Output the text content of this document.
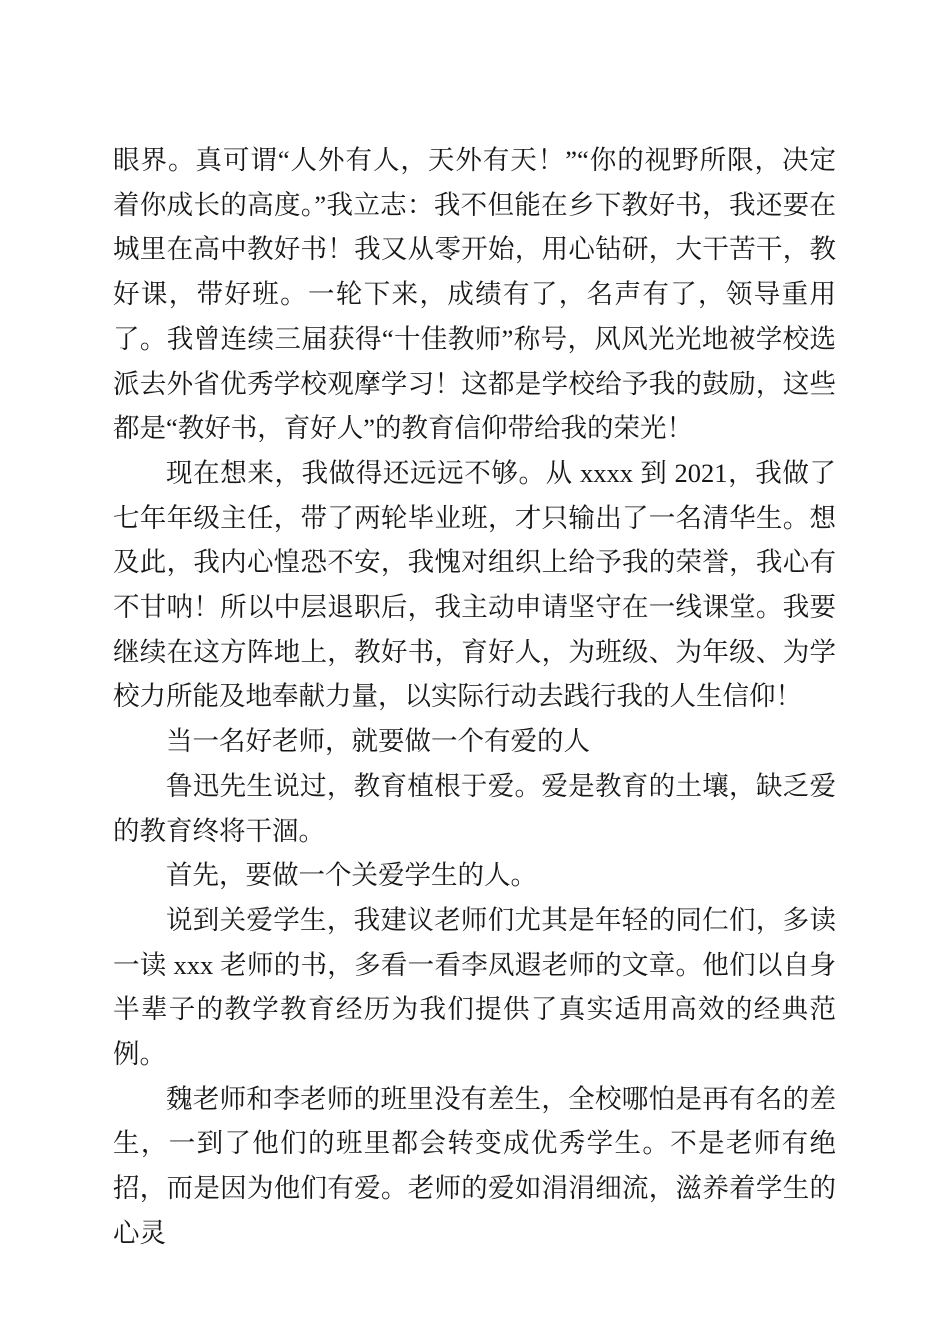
眼界。真可谓“人外有人，天外有天！”“你的视野所限，决定着你成长的高度。”我立志：我不但能在乡下教好书，我还要在城里在高中教好书！我又从零开始，用心钻研，大干苦干，教好课，带好班。一轮下来，成绩有了，名声有了，领导重用了。我曾连续三届获得“十佳教师”称号，风风光光地被学校选派去外省优秀学校观摩学习！这都是学校给予我的鼓励，这些都是“教好书，育好人”的教育信仰带给我的荣光！

现在想来，我做得还远远不够。从 xxxx 到 2021，我做了七年年级主任，带了两轮毕业班，才只输出了一名清华生。想及此，我内心惶恐不安，我愧对组织上给予我的荣誉，我心有不甘呐！所以中层退职后，我主动申请坚守在一线课堂。我要继续在这方阵地上，教好书，育好人，为班级、为年级、为学校力所能及地奉献力量，以实际行动去践行我的人生信仰！

当一名好老师，就要做一个有爱的人

鲁迅先生说过，教育植根于爱。爱是教育的土壤，缺乏爱的教育终将干涸。

首先，要做一个关爱学生的人。

说到关爱学生，我建议老师们尤其是年轻的同仁们，多读一读 xxx 老师的书，多看一看李凤遐老师的文章。他们以自身半辈子的教学教育经历为我们提供了真实适用高效的经典范例。

魏老师和李老师的班里没有差生，全校哪怕是再有名的差生，一到了他们的班里都会转变成优秀学生。不是老师有绝招，而是因为他们有爱。老师的爱如涓涓细流，滋养着学生的心灵
